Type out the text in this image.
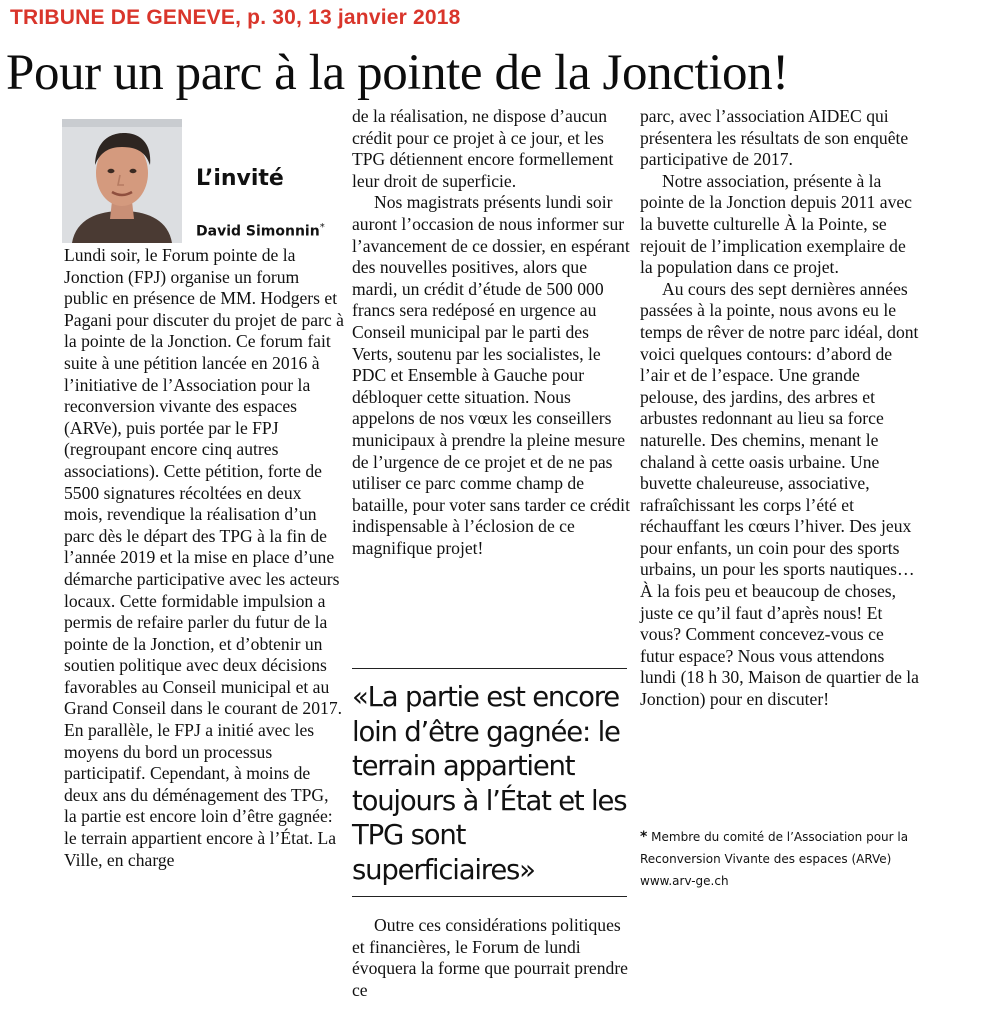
TRIBUNE DE GENEVE, p. 30, 13 janvier 2018
Pour un parc à la pointe de la Jonction!
L’invité
David Simonnin*

Lundi soir, le Forum pointe de la Jonction (FPJ) organise un forum public en présence de MM. Hodgers et Pagani pour discuter du projet de parc à la pointe de la Jonction. Ce forum fait suite à une pétition lancée en 2016 à l’initiative de l’Association pour la reconversion vivante des espaces (ARVe), puis portée par le FPJ (regroupant encore cinq autres associations). Cette pétition, forte de 5500 signatures récoltées en deux mois, revendique la réalisation d’un parc dès le départ des TPG à la fin de l’année 2019 et la mise en place d’une démarche participative avec les acteurs locaux. Cette formidable impulsion a permis de refaire parler du futur de la pointe de la Jonction, et d’obtenir un soutien politique avec deux décisions favorables au Conseil municipal et au Grand Conseil dans le courant de 2017. En parallèle, le FPJ a initié avec les moyens du bord un processus participatif. Cependant, à moins de deux ans du déménagement des TPG, la partie est encore loin d’être gagnée: le terrain appartient encore à l’État. La Ville, en charge

de la réalisation, ne dispose d’aucun crédit pour ce projet à ce jour, et les TPG détiennent encore formellement leur droit de superficie.

Nos magistrats présents lundi soir auront l’occasion de nous informer sur l’avancement de ce dossier, en espérant des nouvelles positives, alors que mardi, un crédit d’étude de 500 000 francs sera redéposé en urgence au Conseil municipal par le parti des Verts, soutenu par les socialistes, le PDC et Ensemble à Gauche pour débloquer cette situation. Nous appelons de nos vœux les conseillers municipaux à prendre la pleine mesure de l’urgence de ce projet et de ne pas utiliser ce parc comme champ de bataille, pour voter sans tarder ce crédit indispensable à l’éclosion de ce magnifique projet!

«La partie est encore loin d’être gagnée: le terrain appartient toujours à l’État et les TPG sont superficiaires»

Outre ces considérations politiques et financières, le Forum de lundi évoquera la forme que pourrait prendre ce

parc, avec l’association AIDEC qui présentera les résultats de son enquête participative de 2017.

Notre association, présente à la pointe de la Jonction depuis 2011 avec la buvette culturelle À la Pointe, se rejouit de l’implication exemplaire de la population dans ce projet.

Au cours des sept dernières années passées à la pointe, nous avons eu le temps de rêver de notre parc idéal, dont voici quelques contours: d’abord de l’air et de l’espace. Une grande pelouse, des jardins, des arbres et arbustes redonnant au lieu sa force naturelle. Des chemins, menant le chaland à cette oasis urbaine. Une buvette chaleureuse, associative, rafraîchissant les corps l’été et réchauffant les cœurs l’hiver. Des jeux pour enfants, un coin pour des sports urbains, un pour les sports nautiques… À la fois peu et beaucoup de choses, juste ce qu’il faut d’après nous! Et vous? Comment concevez-vous ce futur espace? Nous vous attendons lundi (18 h 30, Maison de quartier de la Jonction) pour en discuter!

* Membre du comité de l’Association pour la Reconversion Vivante des espaces (ARVe) www.arv-ge.ch
